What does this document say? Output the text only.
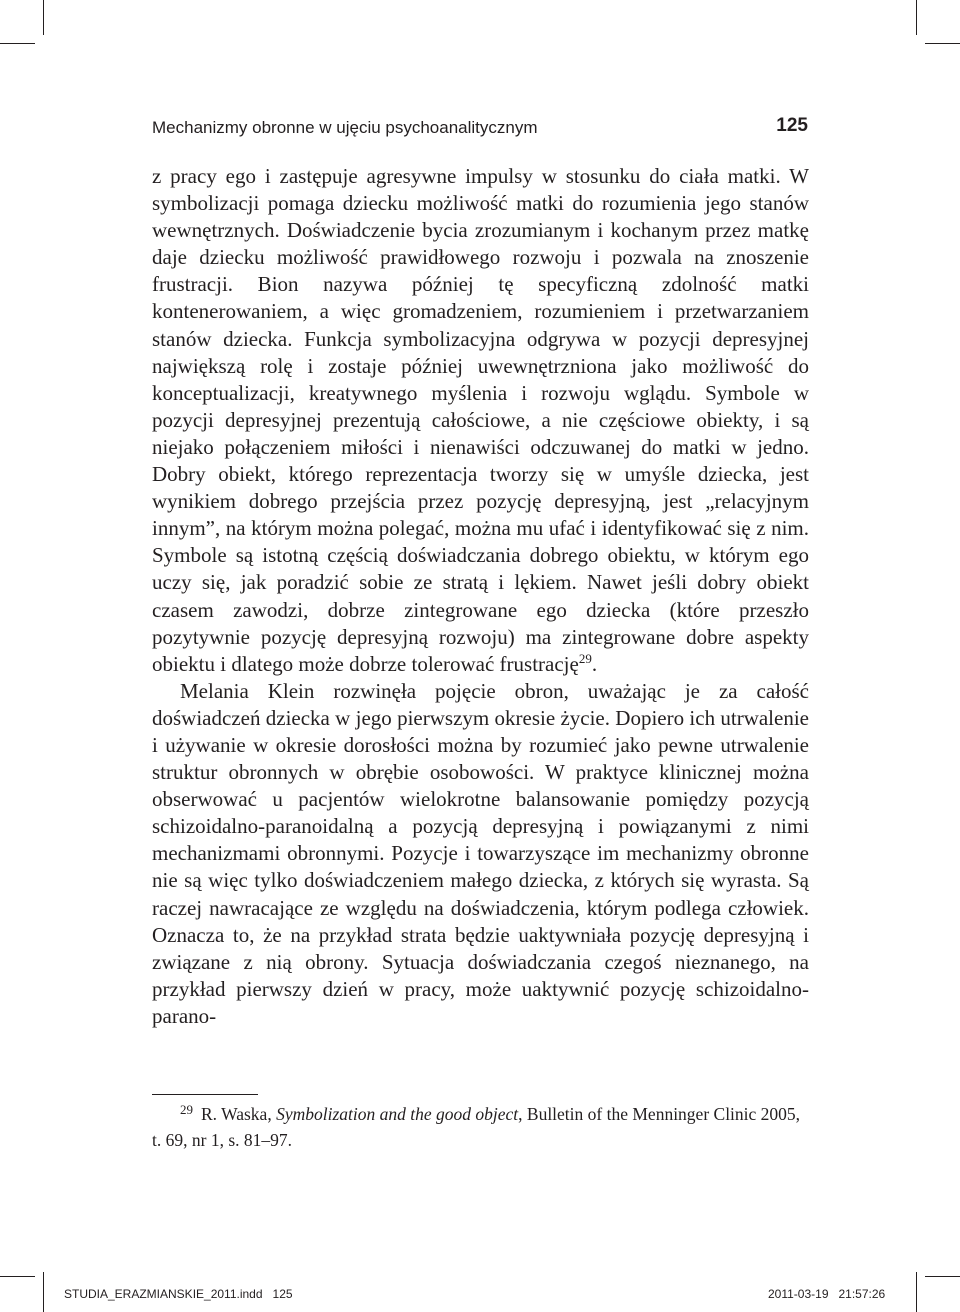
Mechanizmy obronne w ujęciu psychoanalitycznym	125

z pracy ego i zastępuje agresywne impulsy w stosunku do ciała matki. W symbolizacji pomaga dziecku możliwość matki do rozumienia jego stanów wewnętrznych. Doświadczenie bycia zrozumianym i kochanym przez matkę daje dziecku możliwość prawidłowego rozwoju i pozwala na znoszenie frustracji. Bion nazywa później tę specyficzną zdolność matki kontenerowaniem, a więc gromadzeniem, rozumieniem i przetwarzaniem stanów dziecka. Funkcja symbolizacyjna odgrywa w pozycji depresyjnej największą rolę i zostaje później uwewnętrzniona jako możliwość do konceptualizacji, kreatywnego myślenia i rozwoju wglądu. Symbole w pozycji depresyjnej prezentują całościowe, a nie częściowe obiekty, i są niejako połączeniem miłości i nienawiści odczuwanej do matki w jedno. Dobry obiekt, którego reprezentacja tworzy się w umyśle dziecka, jest wynikiem dobrego przejścia przez pozycję depresyjną, jest „relacyjnym innym”, na którym można polegać, można mu ufać i identyfikować się z nim. Symbole są istotną częścią doświadczania dobrego obiektu, w którym ego uczy się, jak poradzić sobie ze stratą i lękiem. Nawet jeśli dobry obiekt czasem zawodzi, dobrze zintegrowane ego dziecka (które przeszło pozytywnie pozycję depresyjną rozwoju) ma zintegrowane dobre aspekty obiektu i dlatego może dobrze tolerować frustrację$^{29}$.

Melania Klein rozwinęła pojęcie obron, uważając je za całość doświadczeń dziecka w jego pierwszym okresie życie. Dopiero ich utrwalenie i używanie w okresie dorosłości można by rozumieć jako pewne utrwalenie struktur obronnych w obrębie osobowości. W praktyce klinicznej można obserwować u pacjentów wielokrotne balansowanie pomiędzy pozycją schizoidalno-paranoidalną a pozycją depresyjną i powiązanymi z nimi mechanizmami obronnymi. Pozycje i towarzyszące im mechanizmy obronne nie są więc tylko doświadczeniem małego dziecka, z których się wyrasta. Są raczej nawracające ze względu na doświadczenia, którym podlega człowiek. Oznacza to, że na przykład strata będzie uaktywniała pozycję depresyjną i związane z nią obrony. Sytuacja doświadczania czegoś nieznanego, na przykład pierwszy dzień w pracy, może uaktywnić pozycję schizoidalno-parano-

$^{29}$ R. Waska, Symbolization and the good object, Bulletin of the Menninger Clinic 2005, t. 69, nr 1, s. 81–97.
STUDIA_ERAZMIANSKIE_2011.indd   125	2011-03-19   21:57:26
